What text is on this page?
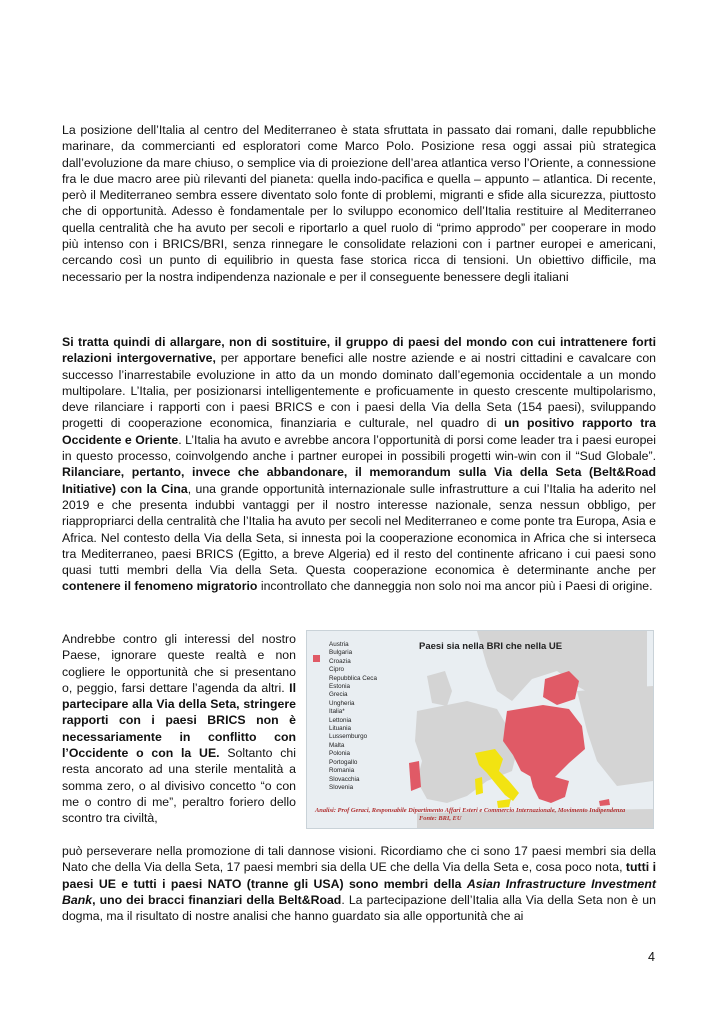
La posizione dell’Italia al centro del Mediterraneo è stata sfruttata in passato dai romani, dalle repubbliche marinare, da commercianti ed esploratori come Marco Polo. Posizione resa oggi assai più strategica dall’evoluzione da mare chiuso, o semplice via di proiezione dell’area atlantica verso l’Oriente, a connessione fra le due macro aree più rilevanti del pianeta: quella indo-pacifica e quella – appunto – atlantica. Di recente, però il Mediterraneo sembra essere diventato solo fonte di problemi, migranti e sfide alla sicurezza, piuttosto che di opportunità. Adesso è fondamentale per lo sviluppo economico dell’Italia restituire al Mediterraneo quella centralità che ha avuto per secoli e riportarlo a quel ruolo di “primo approdo” per cooperare in modo più intenso con i BRICS/BRI, senza rinnegare le consolidate relazioni con i partner europei e americani, cercando così un punto di equilibrio in questa fase storica ricca di tensioni. Un obiettivo difficile, ma necessario per la nostra indipendenza nazionale e per il conseguente benessere degli italiani

Si tratta quindi di allargare, non di sostituire, il gruppo di paesi del mondo con cui intrattenere forti relazioni intergovernative, per apportare benefici alle nostre aziende e ai nostri cittadini e cavalcare con successo l’inarrestabile evoluzione in atto da un mondo dominato dall’egemonia occidentale a un mondo multipolare. L’Italia, per posizionarsi intelligentemente e proficuamente in questo crescente multipolarismo, deve rilanciare i rapporti con i paesi BRICS e con i paesi della Via della Seta (154 paesi), sviluppando progetti di cooperazione economica, finanziaria e culturale, nel quadro di un positivo rapporto tra Occidente e Oriente. L’Italia ha avuto e avrebbe ancora l’opportunità di porsi come leader tra i paesi europei in questo processo, coinvolgendo anche i partner europei in possibili progetti win-win con il “Sud Globale”. Rilanciare, pertanto, invece che abbandonare, il memorandum sulla Via della Seta (Belt&Road Initiative) con la Cina, una grande opportunità internazionale sulle infrastrutture a cui l’Italia ha aderito nel 2019 e che presenta indubbi vantaggi per il nostro interesse nazionale, senza nessun obbligo, per riappropriarci della centralità che l’Italia ha avuto per secoli nel Mediterraneo e come ponte tra Europa, Asia e Africa. Nel contesto della Via della Seta, si innesta poi la cooperazione economica in Africa che si interseca tra Mediterraneo, paesi BRICS (Egitto, a breve Algeria) ed il resto del continente africano i cui paesi sono quasi tutti membri della Via della Seta. Questa cooperazione economica è determinante anche per contenere il fenomeno migratorio incontrollato che danneggia non solo noi ma ancor più i Paesi di origine.

Andrebbe contro gli interessi del nostro Paese, ignorare queste realtà e non cogliere le opportunità che si presentano o, peggio, farsi dettare l’agenda da altri. Il partecipare alla Via della Seta, stringere rapporti con i paesi BRICS non è necessariamente in conflitto con l’Occidente o con la UE. Soltanto chi resta ancorato ad una sterile mentalità a somma zero, o al divisivo concetto “o con me o contro di me”, peraltro foriero dello scontro tra civiltà,

Paesi sia nella BRI che nella UE
Austria
Bulgaria
Croazia
Cipro
Repubblica Ceca
Estonia
Grecia
Ungheria
Italia*
Lettonia
Lituania
Lussemburgo
Malta
Polonia
Portogallo
Romania
Slovacchia
Slovenia
Analisi: Prof Geraci, Responsabile Dipartimento Affari Esteri e Commercio Internazionale, Movimento Indipendenza
Fonte: BRI, EU

può perseverare nella promozione di tali dannose visioni. Ricordiamo che ci sono 17 paesi membri sia della Nato che della Via della Seta, 17 paesi membri sia della UE che della Via della Seta e, cosa poco nota, tutti i paesi UE e tutti i paesi NATO (tranne gli USA) sono membri della Asian Infrastructure Investment Bank, uno dei bracci finanziari della Belt&Road. La partecipazione dell’Italia alla Via della Seta non è un dogma, ma il risultato di nostre analisi che hanno guardato sia alle opportunità che ai

4
